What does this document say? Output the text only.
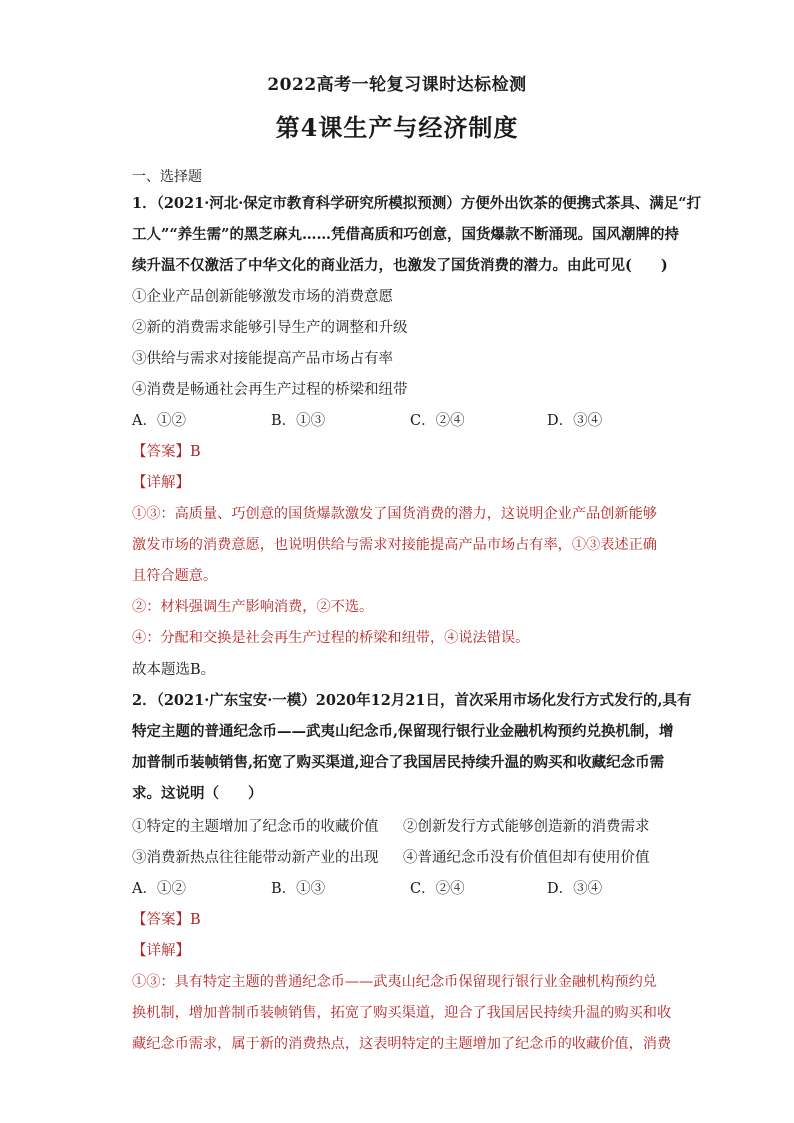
2022高考一轮复习课时达标检测
第4课生产与经济制度
一、选择题
1．（2021·河北·保定市教育科学研究所模拟预测）方便外出饮茶的便携式茶具、满足“打
工人”“养生需”的黑芝麻丸……凭借高质和巧创意，国货爆款不断涌现。国风潮牌的持
续升温不仅激活了中华文化的商业活力，也激发了国货消费的潜力。由此可见(　　)
①企业产品创新能够激发市场的消费意愿
②新的消费需求能够引导生产的调整和升级
③供给与需求对接能提高产品市场占有率
④消费是畅通社会再生产过程的桥梁和纽带
A．①②	B．①③	C．②④	D．③④
【答案】B
【详解】
①③：高质量、巧创意的国货爆款激发了国货消费的潜力，这说明企业产品创新能够
激发市场的消费意愿，也说明供给与需求对接能提高产品市场占有率，①③表述正确
且符合题意。
②：材料强调生产影响消费，②不选。
④：分配和交换是社会再生产过程的桥梁和纽带，④说法错误。
故本题选B。
2．（2021·广东宝安·一模）2020年12月21日，首次采用市场化发行方式发行的,具有
特定主题的普通纪念币——武夷山纪念币,保留现行银行业金融机构预约兑换机制，增
加普制币装帧销售,拓宽了购买渠道,迎合了我国居民持续升温的购买和收藏纪念币需
求。这说明（　　）
①特定的主题增加了纪念币的收藏价值 ②创新发行方式能够创造新的消费需求
③消费新热点往往能带动新产业的出现 ④普通纪念币没有价值但却有使用价值
A．①②	B．①③	C．②④	D．③④
【答案】B
【详解】
①③：具有特定主题的普通纪念币——武夷山纪念币保留现行银行业金融机构预约兑
换机制，增加普制币装帧销售，拓宽了购买渠道，迎合了我国居民持续升温的购买和收
藏纪念币需求，属于新的消费热点，这表明特定的主题增加了纪念币的收藏价值，消费
